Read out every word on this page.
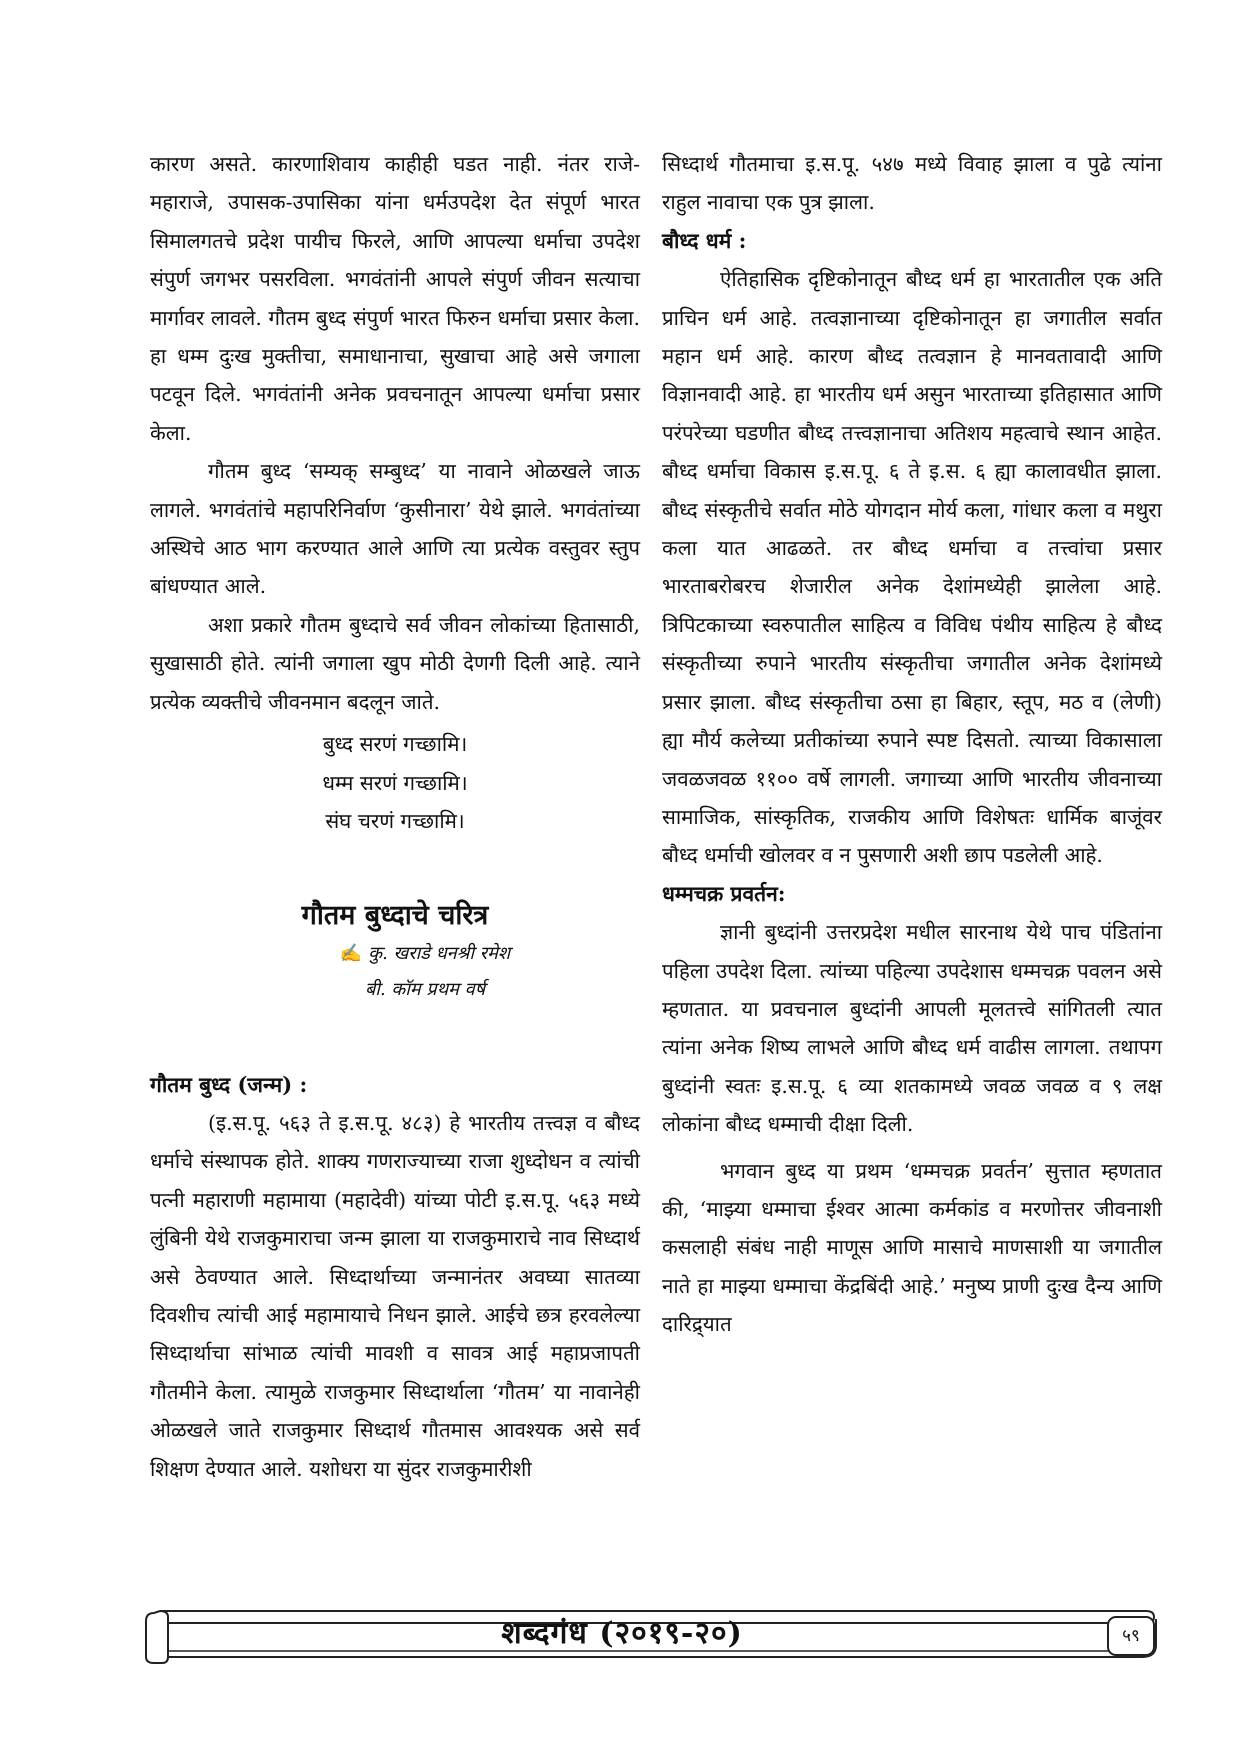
कारण असते. कारणाशिवाय काहीही घडत नाही. नंतर राजे-महाराजे, उपासक-उपासिका यांना धर्मउपदेश देत संपूर्ण भारत सिमालगतचे प्रदेश पायीच फिरले, आणि आपल्या धर्माचा उपदेश संपुर्ण जगभर पसरविला. भगवंतांनी आपले संपुर्ण जीवन सत्याचा मार्गावर लावले. गौतम बुध्द संपुर्ण भारत फिरुन धर्माचा प्रसार केला. हा धम्म दुःख मुक्तीचा, समाधानाचा, सुखाचा आहे असे जगाला पटवून दिले. भगवंतांनी अनेक प्रवचनातून आपल्या धर्माचा प्रसार केला.

गौतम बुध्द ‘सम्यक् सम्बुध्द’ या नावाने ओळखले जाऊ लागले. भगवंतांचे महापरिनिर्वाण ‘कुसीनारा’ येथे झाले. भगवंतांच्या अस्थिचे आठ भाग करण्यात आले आणि त्या प्रत्येक वस्तुवर स्तुप बांधण्यात आले.

अशा प्रकारे गौतम बुध्दाचे सर्व जीवन लोकांच्या हितासाठी, सुखासाठी होते. त्यांनी जगाला खुप मोठी देणगी दिली आहे. त्याने प्रत्येक व्यक्तीचे जीवनमान बदलून जाते.

बुध्द सरणं गच्छामि।
धम्म सरणं गच्छामि।
संघ चरणं गच्छामि।
गौतम बुध्दाचे चरित्र
✍ कु. खराडे धनश्री रमेश
बी. कॉम प्रथम वर्ष

गौतम बुध्द (जन्म) :

(इ.स.पू. ५६३ ते इ.स.पू. ४८३) हे भारतीय तत्त्वज्ञ व बौध्द धर्माचे संस्थापक होते. शाक्य गणराज्याच्या राजा शुध्दोधन व त्यांची पत्नी महाराणी महामाया (महादेवी) यांच्या पोटी इ.स.पू. ५६३ मध्ये लुंबिनी येथे राजकुमाराचा जन्म झाला या राजकुमाराचे नाव सिध्दार्थ असे ठेवण्यात आले. सिध्दार्थाच्या जन्मानंतर अवघ्या सातव्या दिवशीच त्यांची आई महामायाचे निधन झाले. आईचे छत्र हरवलेल्या सिध्दार्थाचा सांभाळ त्यांची मावशी व सावत्र आई महाप्रजापती गौतमीने केला. त्यामुळे राजकुमार सिध्दार्थाला ‘गौतम’ या नावानेही ओळखले जाते राजकुमार सिध्दार्थ गौतमास आवश्यक असे सर्व शिक्षण देण्यात आले. यशोधरा या सुंदर राजकुमारीशी

सिध्दार्थ गौतमाचा इ.स.पू. ५४७ मध्ये विवाह झाला व पुढे त्यांना राहुल नावाचा एक पुत्र झाला.

बौध्द धर्म :

ऐतिहासिक दृष्टिकोनातून बौध्द धर्म हा भारतातील एक अति प्राचिन धर्म आहे. तत्वज्ञानाच्या दृष्टिकोनातून हा जगातील सर्वात महान धर्म आहे. कारण बौध्द तत्वज्ञान हे मानवतावादी आणि विज्ञानवादी आहे. हा भारतीय धर्म असुन भारताच्या इतिहासात आणि परंपरेच्या घडणीत बौध्द तत्त्वज्ञानाचा अतिशय महत्वाचे स्थान आहेत. बौध्द धर्माचा विकास इ.स.पू. ६ ते इ.स. ६ ह्या कालावधीत झाला. बौध्द संस्कृतीचे सर्वात मोठे योगदान मोर्य कला, गांधार कला व मथुरा कला यात आढळते. तर बौध्द धर्माचा व तत्त्वांचा प्रसार भारताबरोबरच शेजारील अनेक देशांमध्येही झालेला आहे. त्रिपिटकाच्या स्वरुपातील साहित्य व विविध पंथीय साहित्य हे बौध्द संस्कृतीच्या रुपाने भारतीय संस्कृतीचा जगातील अनेक देशांमध्ये प्रसार झाला. बौध्द संस्कृतीचा ठसा हा बिहार, स्तूप, मठ व (लेणी) ह्या मौर्य कलेच्या प्रतीकांच्या रुपाने स्पष्ट दिसतो. त्याच्या विकासाला जवळजवळ ११०० वर्षे लागली. जगाच्या आणि भारतीय जीवनाच्या सामाजिक, सांस्कृतिक, राजकीय आणि विशेषतः धार्मिक बाजूंवर बौध्द धर्माची खोलवर व न पुसणारी अशी छाप पडलेली आहे.

धम्मचक्र प्रवर्तन:

ज्ञानी बुध्दांनी उत्तरप्रदेश मधील सारनाथ येथे पाच पंडितांना पहिला उपदेश दिला. त्यांच्या पहिल्या उपदेशास धम्मचक्र पवलन असे म्हणतात. या प्रवचनाल बुध्दांनी आपली मूलतत्त्वे सांगितली त्यात त्यांना अनेक शिष्य लाभले आणि बौध्द धर्म वाढीस लागला. तथापग बुध्दांनी स्वतः इ.स.पू. ६ व्या शतकामध्ये जवळ जवळ व ९ लक्ष लोकांना बौध्द धम्माची दीक्षा दिली.

भगवान बुध्द या प्रथम ‘धम्मचक्र प्रवर्तन’ सुत्तात म्हणतात की, ‘माझ्या धम्माचा ईश्वर आत्मा कर्मकांड व मरणोत्तर जीवनाशी कसलाही संबंध नाही माणूस आणि मासाचे माणसाशी या जगातील नाते हा माझ्या धम्माचा केंद्रबिंदी आहे.’ मनुष्य प्राणी दुःख दैन्य आणि दारिद्र्यात

शब्दगंध (२०१९-२०)	५९
